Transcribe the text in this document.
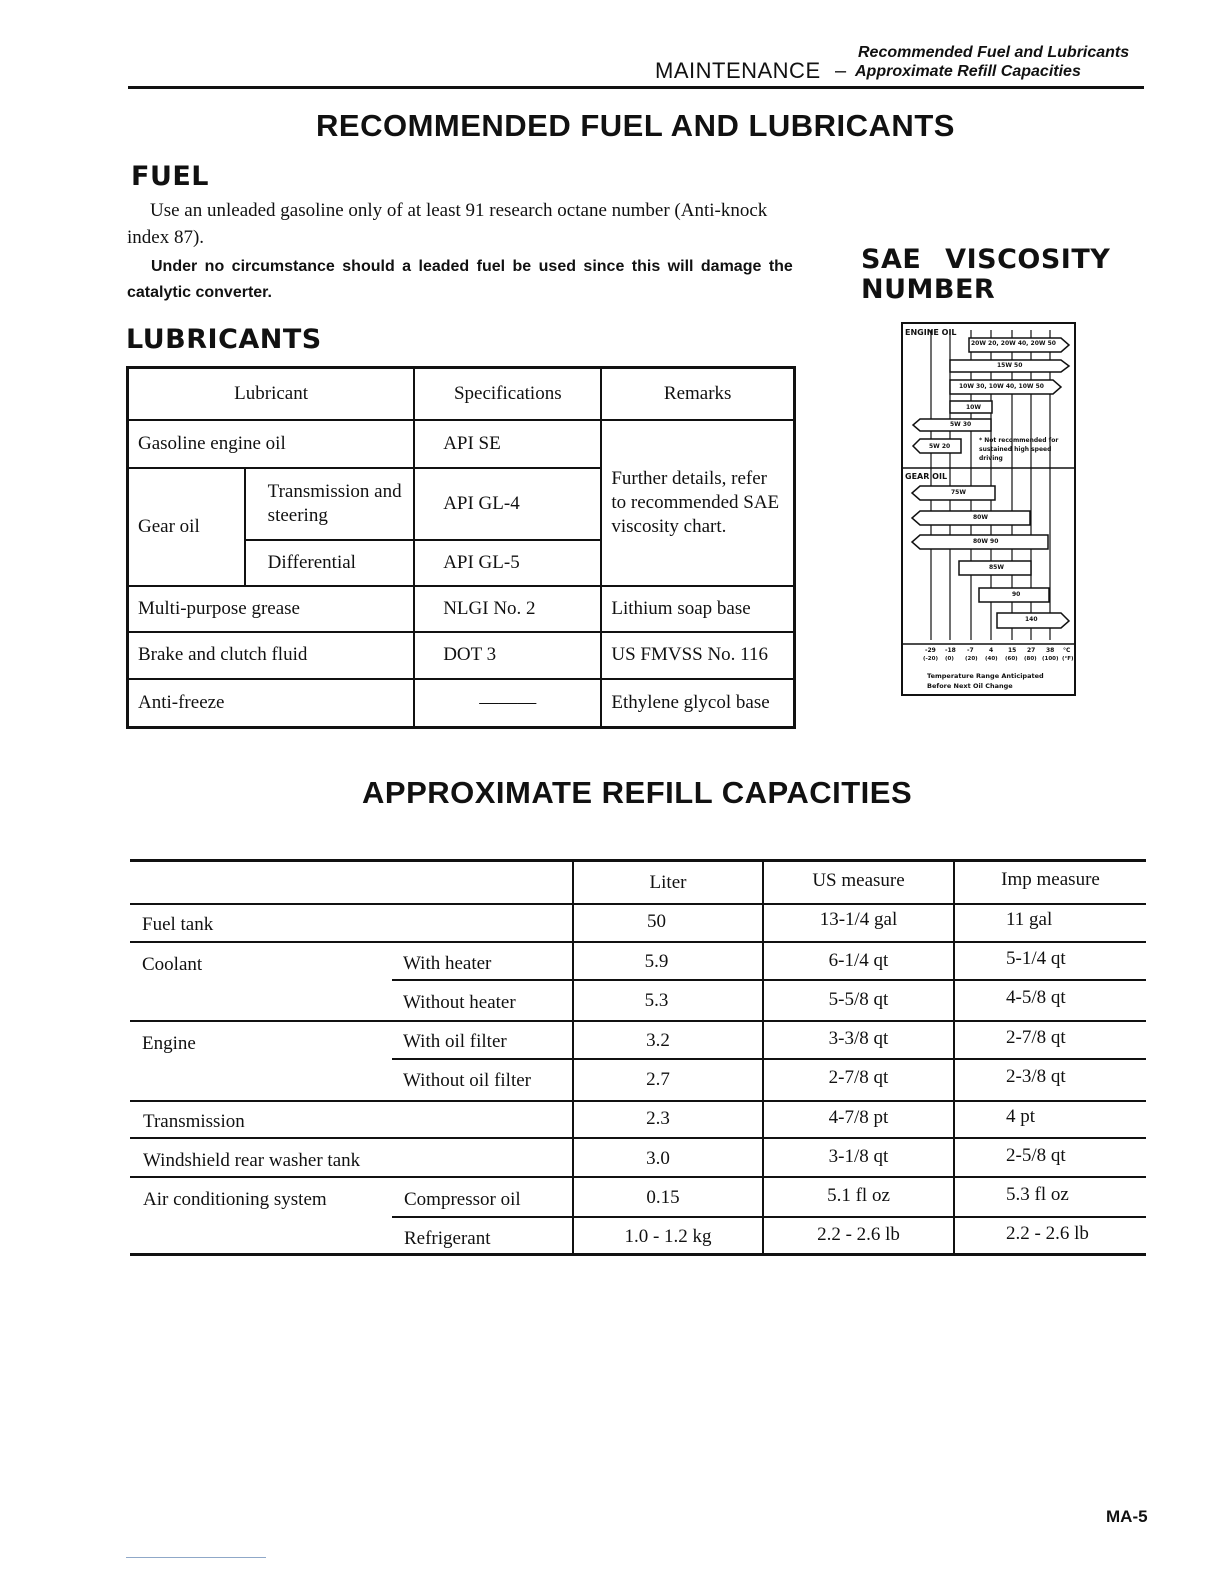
Recommended Fuel and Lubricants
MAINTENANCE – Approximate Refill Capacities
RECOMMENDED FUEL AND LUBRICANTS
FUEL
Use an unleaded gasoline only of at least 91 research octane number (Anti-knock
index 87).
Under no circumstance should a leaded fuel be used since this will damage the
catalytic converter.
LUBRICANTS
Lubricant		Specifications	Remarks
Gasoline engine oil		API SE	Further details, refer to recommended SAE viscosity chart.
Gear oil	Transmission and steering	API GL-4	
	Differential	API GL-5	
Multi-purpose grease		NLGI No. 2	Lithium soap base
Brake and clutch fluid		DOT 3	US FMVSS No. 116
Anti-freeze		———	Ethylene glycol base
SAE VISCOSITY
NUMBER
ENGINE OIL
20W 20, 20W 40, 20W 50
15W 50
10W 30, 10W 40, 10W 50
10W
5W 30
5W 20
* Not recommended for sustained high speed driving
GEAR OIL
75W
80W
80W 90
85W
90
140
-29 -18 -7	4 15 27 38 °C
(-20) (0) (20) (40) (60) (80) (100) (°F)
Temperature Range Anticipated
Before Next Oil Change
APPROXIMATE REFILL CAPACITIES
Liter	US measure	Imp measure
Fuel tank	50	13-1/4 gal	11 gal
Coolant	With heater	5.9	6-1/4 qt	5-1/4 qt
Without heater	5.3	5-5/8 qt	4-5/8 qt
Engine	With oil filter	3.2	3-3/8 qt	2-7/8 qt
Without oil filter	2.7	2-7/8 qt	2-3/8 qt
Transmission	2.3	4-7/8 pt	4 pt
Windshield rear washer tank	3.0	3-1/8 qt	2-5/8 qt
Air conditioning system	Compressor oil	0.15	5.1 fl oz	5.3 fl oz
Refrigerant	1.0 - 1.2 kg	2.2 - 2.6 lb	2.2 - 2.6 lb
MA-5
